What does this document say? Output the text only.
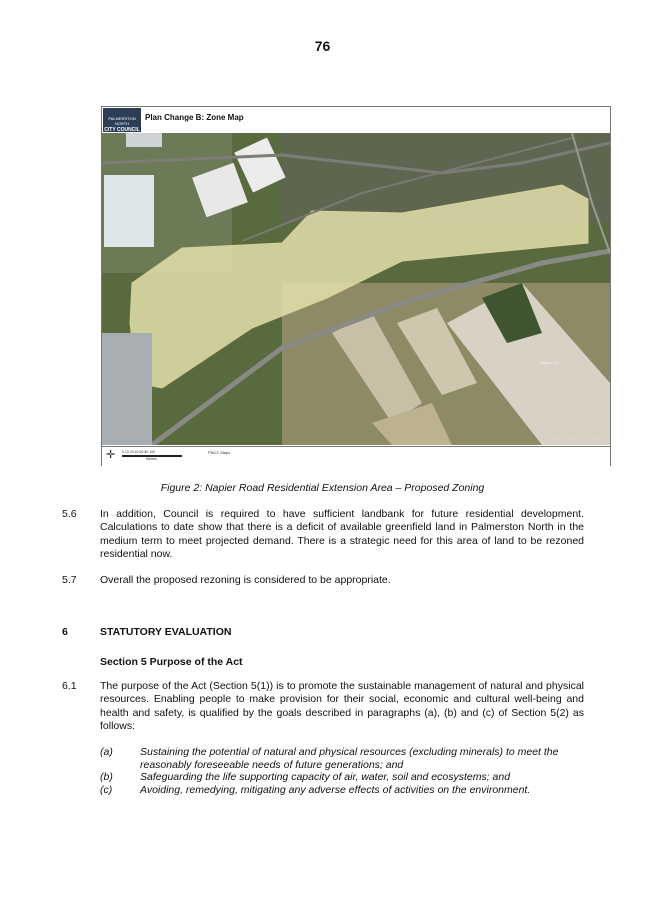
76
PALMERSTON NORTH
CITY COUNCIL
Plan Change B: Zone Map
Palmerston North City Council
✛ 0 10 20 40 60 80 100
Metres
PNCC Maps
Figure 2: Napier Road Residential Extension Area – Proposed Zoning
5.6 In addition, Council is required to have sufficient landbank for future residential development. Calculations to date show that there is a deficit of available greenfield land in Palmerston North in the medium term to meet projected demand. There is a strategic need for this area of land to be rezoned residential now.
5.7 Overall the proposed rezoning is considered to be appropriate.
6	STATUTORY EVALUATION
Section 5 Purpose of the Act
6.1 The purpose of the Act (Section 5(1)) is to promote the sustainable management of natural and physical resources. Enabling people to make provision for their social, economic and cultural well-being and health and safety, is qualified by the goals described in paragraphs (a), (b) and (c) of Section 5(2) as follows:
(a)	Sustaining the potential of natural and physical resources (excluding minerals) to meet the reasonably foreseeable needs of future generations; and
(b)	Safeguarding the life supporting capacity of air, water, soil and ecosystems; and
(c)	Avoiding, remedying, mitigating any adverse effects of activities on the environment.
Napier Rd
